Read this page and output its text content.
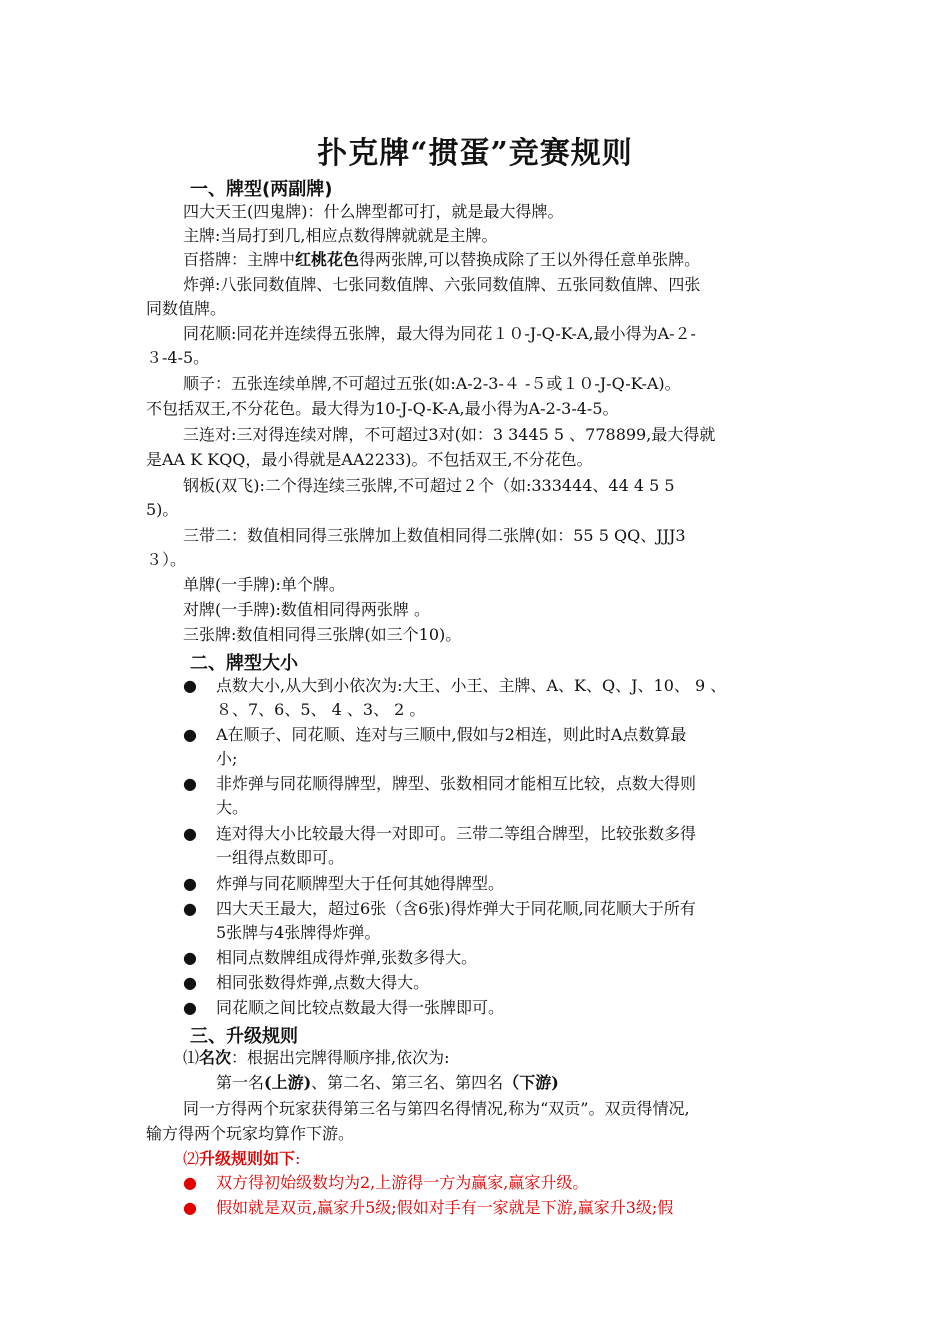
扑克牌“掼蛋”竞赛规则
一、牌型(两副牌)
四大天王(四鬼牌)：什么牌型都可打，就是最大得牌。
主牌:当局打到几,相应点数得牌就就是主牌。
百搭牌：主牌中红桃花色得两张牌,可以替换成除了王以外得任意单张牌。
炸弹:八张同数值牌、七张同数值牌、六张同数值牌、五张同数值牌、四张
同数值牌。
同花顺:同花并连续得五张牌，最大得为同花１０-J-Q-K-A,最小得为A-２-
３-4-5。
顺子：五张连续单牌,不可超过五张(如:A-2-3-４ -５或１０-J-Q-K-A)。
不包括双王,不分花色。最大得为10-J-Q-K-A,最小得为A-2-3-4-5。
三连对:三对得连续对牌，不可超过3对(如：3 3445 5 、778899,最大得就
是AA K KQQ，最小得就是AA2233)。不包括双王,不分花色。
钢板(双飞):二个得连续三张牌,不可超过２个（如:333444、44 4 5 5
5)。
三带二：数值相同得三张牌加上数值相同得二张牌(如：55 5 QQ、JJJ3
３）。
单牌(一手牌):单个牌。
对牌(一手牌):数值相同得两张牌 。
三张牌:数值相同得三张牌(如三个10)。
二、牌型大小
● 点数大小,从大到小依次为:大王、小王、主牌、A、K、Q、J、10、 9 、
８、7、6、5、 4 、3、 2 。
● A在顺子、同花顺、连对与三顺中,假如与2相连，则此时A点数算最
小;
● 非炸弹与同花顺得牌型，牌型、张数相同才能相互比较，点数大得则
大。
● 连对得大小比较最大得一对即可。三带二等组合牌型，比较张数多得
一组得点数即可。
● 炸弹与同花顺牌型大于任何其她得牌型。
● 四大天王最大，超过6张（含6张)得炸弹大于同花顺,同花顺大于所有
5张牌与4张牌得炸弹。
● 相同点数牌组成得炸弹,张数多得大。
● 相同张数得炸弹,点数大得大。
● 同花顺之间比较点数最大得一张牌即可。
三、升级规则
⑴名次：根据出完牌得顺序排,依次为:
第一名(上游)、第二名、第三名、第四名（下游)
同一方得两个玩家获得第三名与第四名得情况,称为“双贡”。双贡得情况,
输方得两个玩家均算作下游。
⑵升级规则如下:
● 双方得初始级数均为2,上游得一方为赢家,赢家升级。
● 假如就是双贡,赢家升5级;假如对手有一家就是下游,赢家升3级;假
